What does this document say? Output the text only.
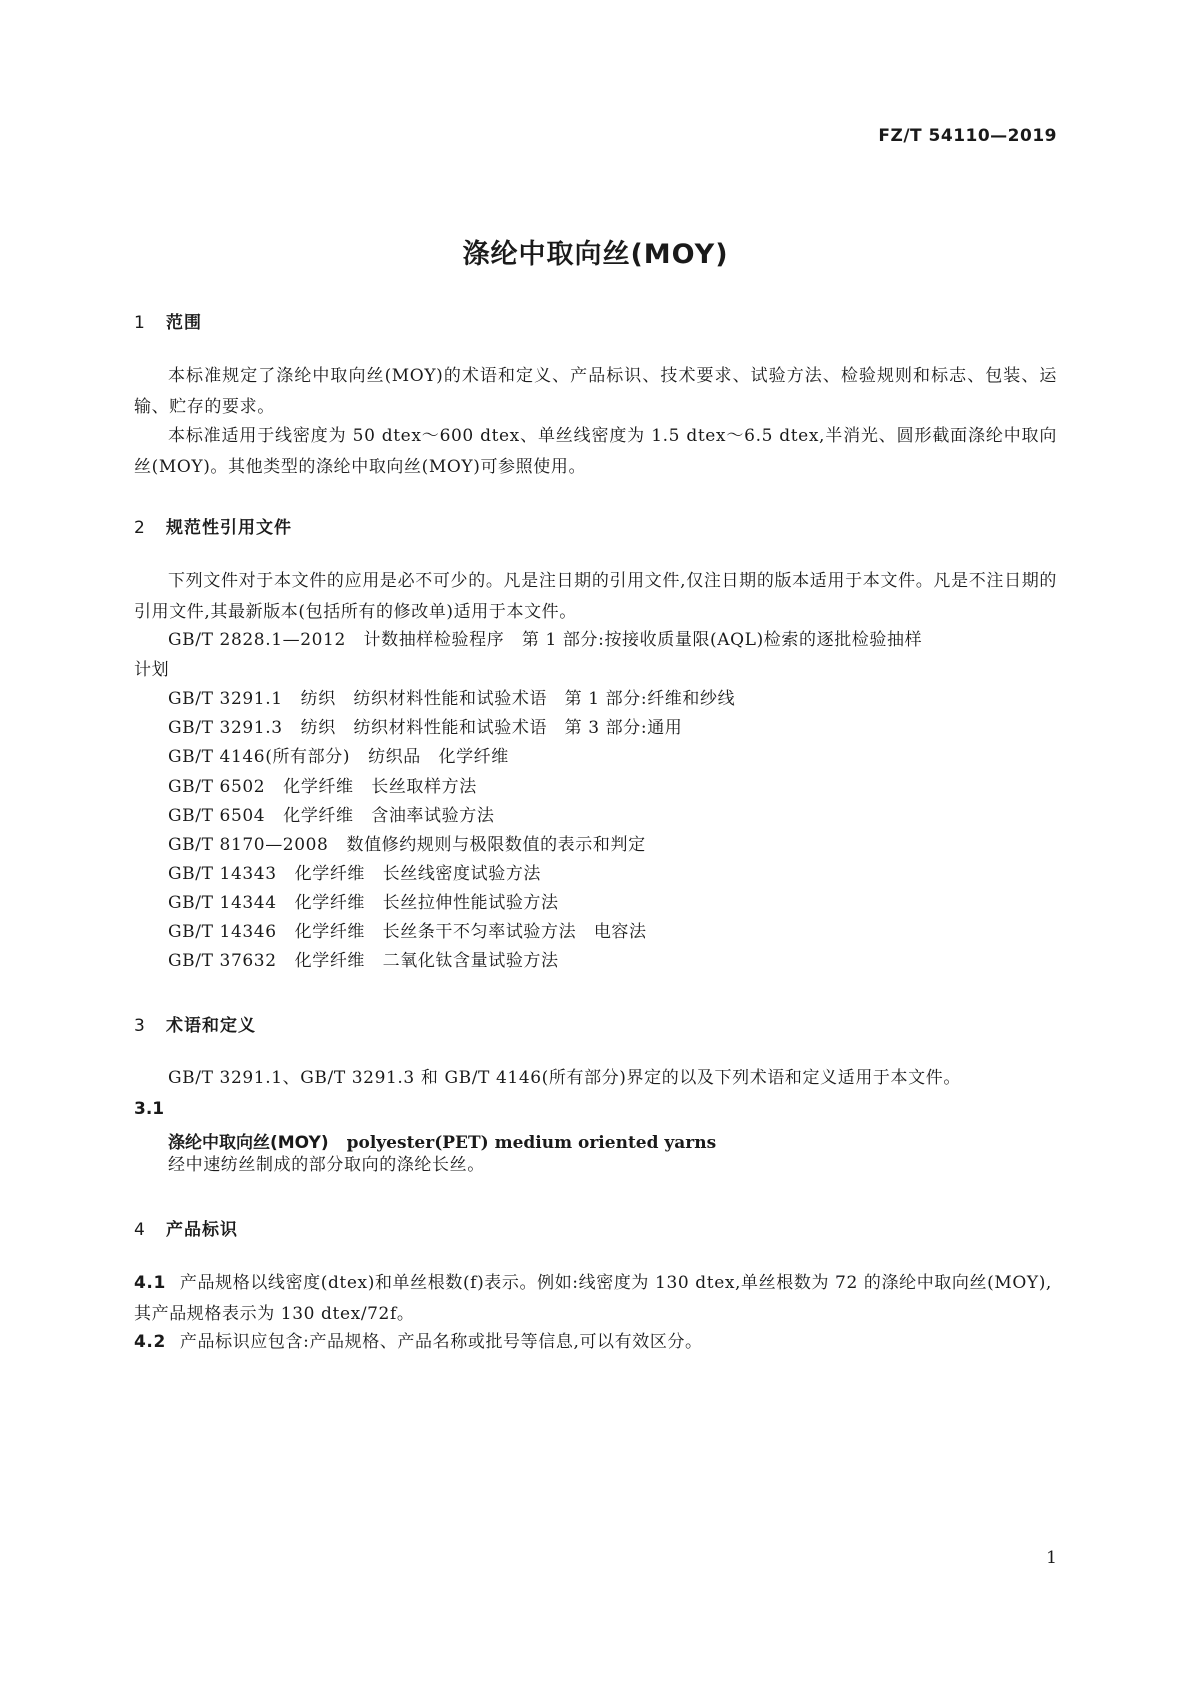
FZ/T 54110—2019
涤纶中取向丝(MOY)
1 范围

本标准规定了涤纶中取向丝(MOY)的术语和定义、产品标识、技术要求、试验方法、检验规则和标志、包装、运输、贮存的要求。

本标准适用于线密度为 50 dtex～600 dtex、单丝线密度为 1.5 dtex～6.5 dtex,半消光、圆形截面涤纶中取向丝(MOY)。其他类型的涤纶中取向丝(MOY)可参照使用。

2 规范性引用文件

下列文件对于本文件的应用是必不可少的。凡是注日期的引用文件,仅注日期的版本适用于本文件。凡是不注日期的引用文件,其最新版本(包括所有的修改单)适用于本文件。

GB/T 2828.1—2012　计数抽样检验程序　第 1 部分:按接收质量限(AQL)检索的逐批检验抽样
计划
GB/T 3291.1 纺织　纺织材料性能和试验术语　第 1 部分:纤维和纱线
GB/T 3291.3 纺织　纺织材料性能和试验术语　第 3 部分:通用
GB/T 4146(所有部分) 纺织品　化学纤维
GB/T 6502 化学纤维　长丝取样方法
GB/T 6504 化学纤维　含油率试验方法
GB/T 8170—2008 数值修约规则与极限数值的表示和判定
GB/T 14343 化学纤维　长丝线密度试验方法
GB/T 14344 化学纤维　长丝拉伸性能试验方法
GB/T 14346 化学纤维　长丝条干不匀率试验方法　电容法
GB/T 37632 化学纤维　二氧化钛含量试验方法
3 术语和定义

GB/T 3291.1、GB/T 3291.3 和 GB/T 4146(所有部分)界定的以及下列术语和定义适用于本文件。

3.1
涤纶中取向丝(MOY) polyester(PET) medium oriented yarns
经中速纺丝制成的部分取向的涤纶长丝。
4 产品标识

4.1 产品规格以线密度(dtex)和单丝根数(f)表示。例如:线密度为 130 dtex,单丝根数为 72 的涤纶中取向丝(MOY),其产品规格表示为 130 dtex/72f。

4.2 产品标识应包含:产品规格、产品名称或批号等信息,可以有效区分。

1
